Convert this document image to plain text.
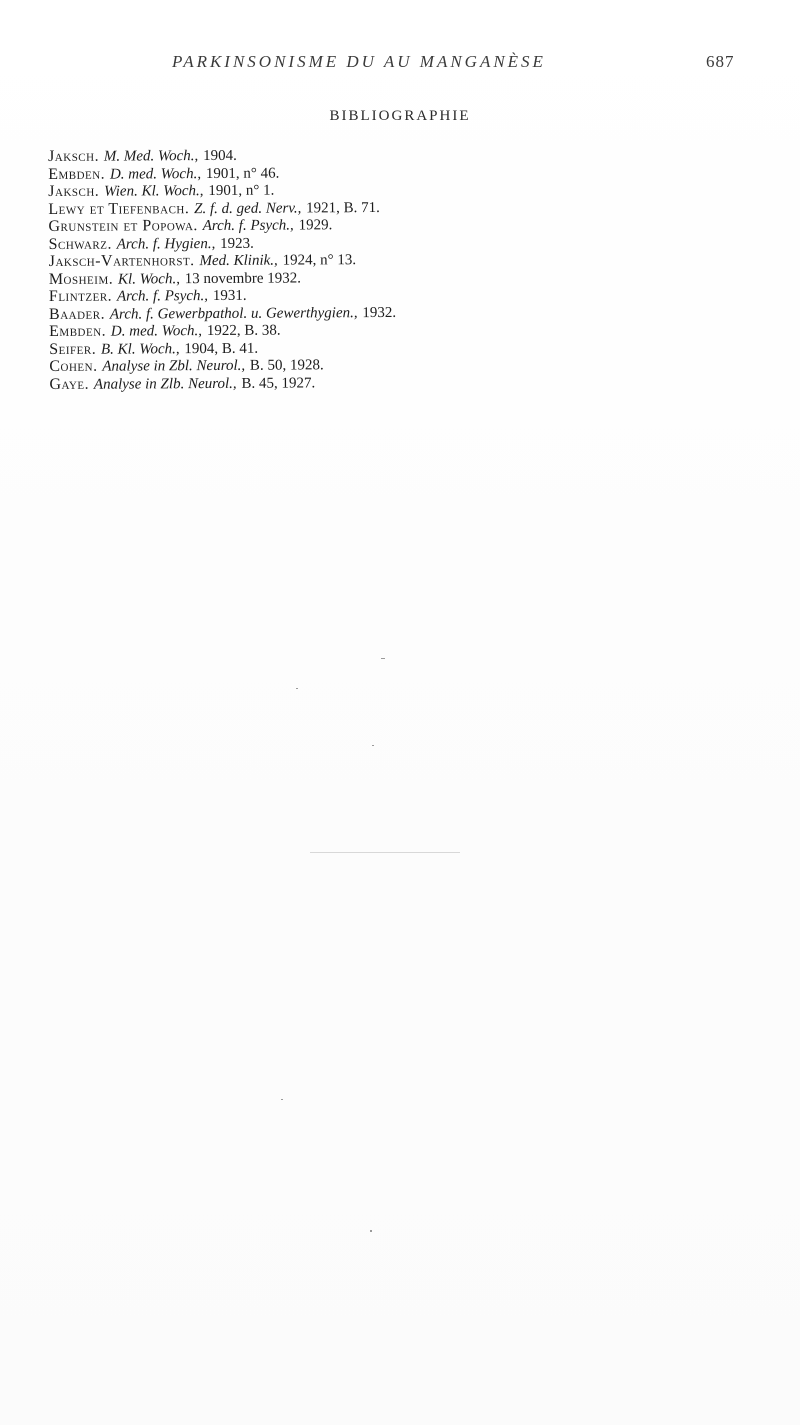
PARKINSONISME DU AU MANGANÈSE	687
BIBLIOGRAPHIE
Jaksch. M. Med. Woch., 1904.
Embden. D. med. Woch., 1901, n° 46.
Jaksch. Wien. Kl. Woch., 1901, n° 1.
Lewy et Tiefenbach. Z. f. d. ged. Nerv., 1921, B. 71.
Grunstein et Popowa. Arch. f. Psych., 1929.
Schwarz. Arch. f. Hygien., 1923.
Jaksch-Vartenhorst. Med. Klinik., 1924, n° 13.
Mosheim. Kl. Woch., 13 novembre 1932.
Flintzer. Arch. f. Psych., 1931.
Baader. Arch. f. Gewerbpathol. u. Gewerthygien., 1932.
Embden. D. med. Woch., 1922, B. 38.
Seifer. B. Kl. Woch., 1904, B. 41.
Cohen. Analyse in Zbl. Neurol., B. 50, 1928.
Gaye. Analyse in Zlb. Neurol., B. 45, 1927.
